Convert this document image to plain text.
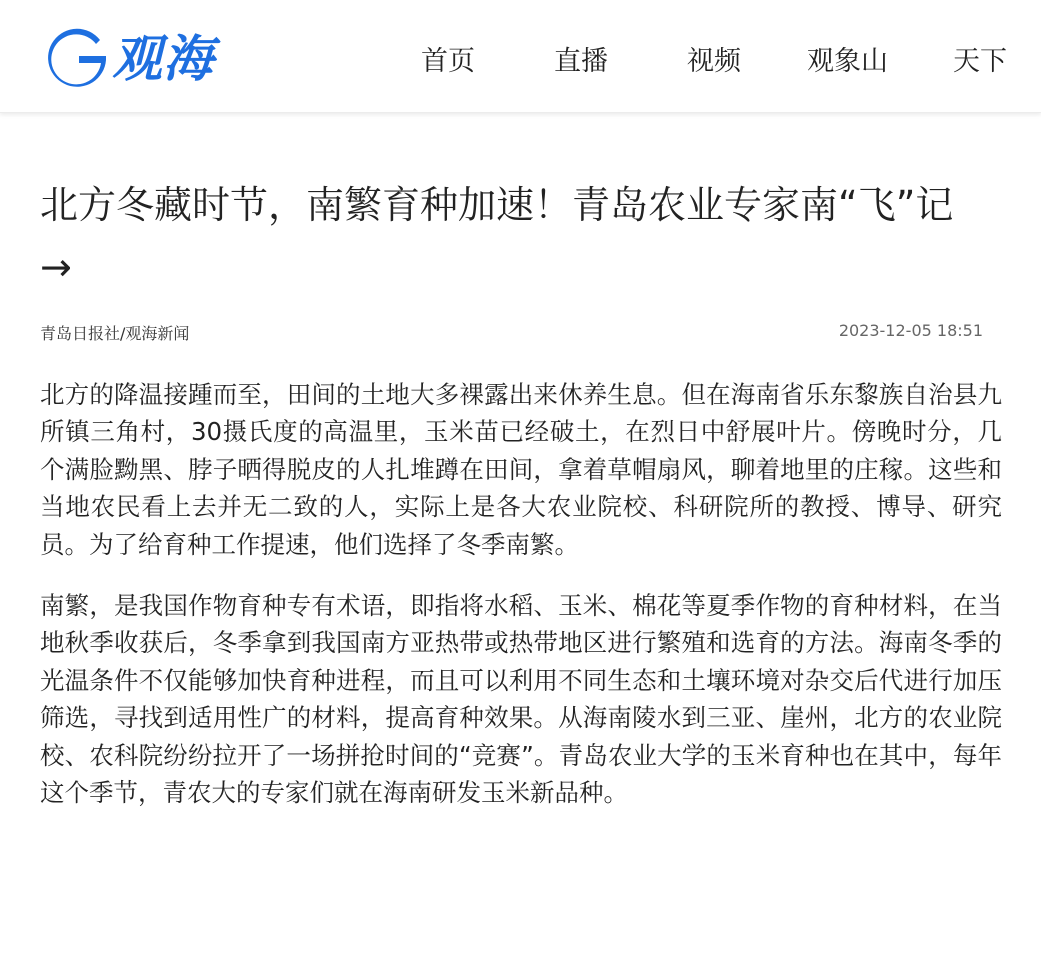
观海	首页	直播	视频 观象山 天下
北方冬藏时节，南繁育种加速！青岛农业专家南“飞”记→
青岛日报社/观海新闻	2023-12-05 18:51

北方的降温接踵而至，田间的土地大多裸露出来休养生息。但在海南省乐东黎族自治县九所镇三角村，30摄氏度的高温里，玉米苗已经破土，在烈日中舒展叶片。傍晚时分，几个满脸黝黑、脖子晒得脱皮的人扎堆蹲在田间，拿着草帽扇风，聊着地里的庄稼。这些和当地农民看上去并无二致的人，实际上是各大农业院校、科研院所的教授、博导、研究员。为了给育种工作提速，他们选择了冬季南繁。

南繁，是我国作物育种专有术语，即指将水稻、玉米、棉花等夏季作物的育种材料，在当地秋季收获后，冬季拿到我国南方亚热带或热带地区进行繁殖和选育的方法。海南冬季的光温条件不仅能够加快育种进程，而且可以利用不同生态和土壤环境对杂交后代进行加压筛选，寻找到适用性广的材料，提高育种效果。从海南陵水到三亚、崖州，北方的农业院校、农科院纷纷拉开了一场拼抢时间的“竞赛”。青岛农业大学的玉米育种也在其中，每年这个季节，青农大的专家们就在海南研发玉米新品种。
